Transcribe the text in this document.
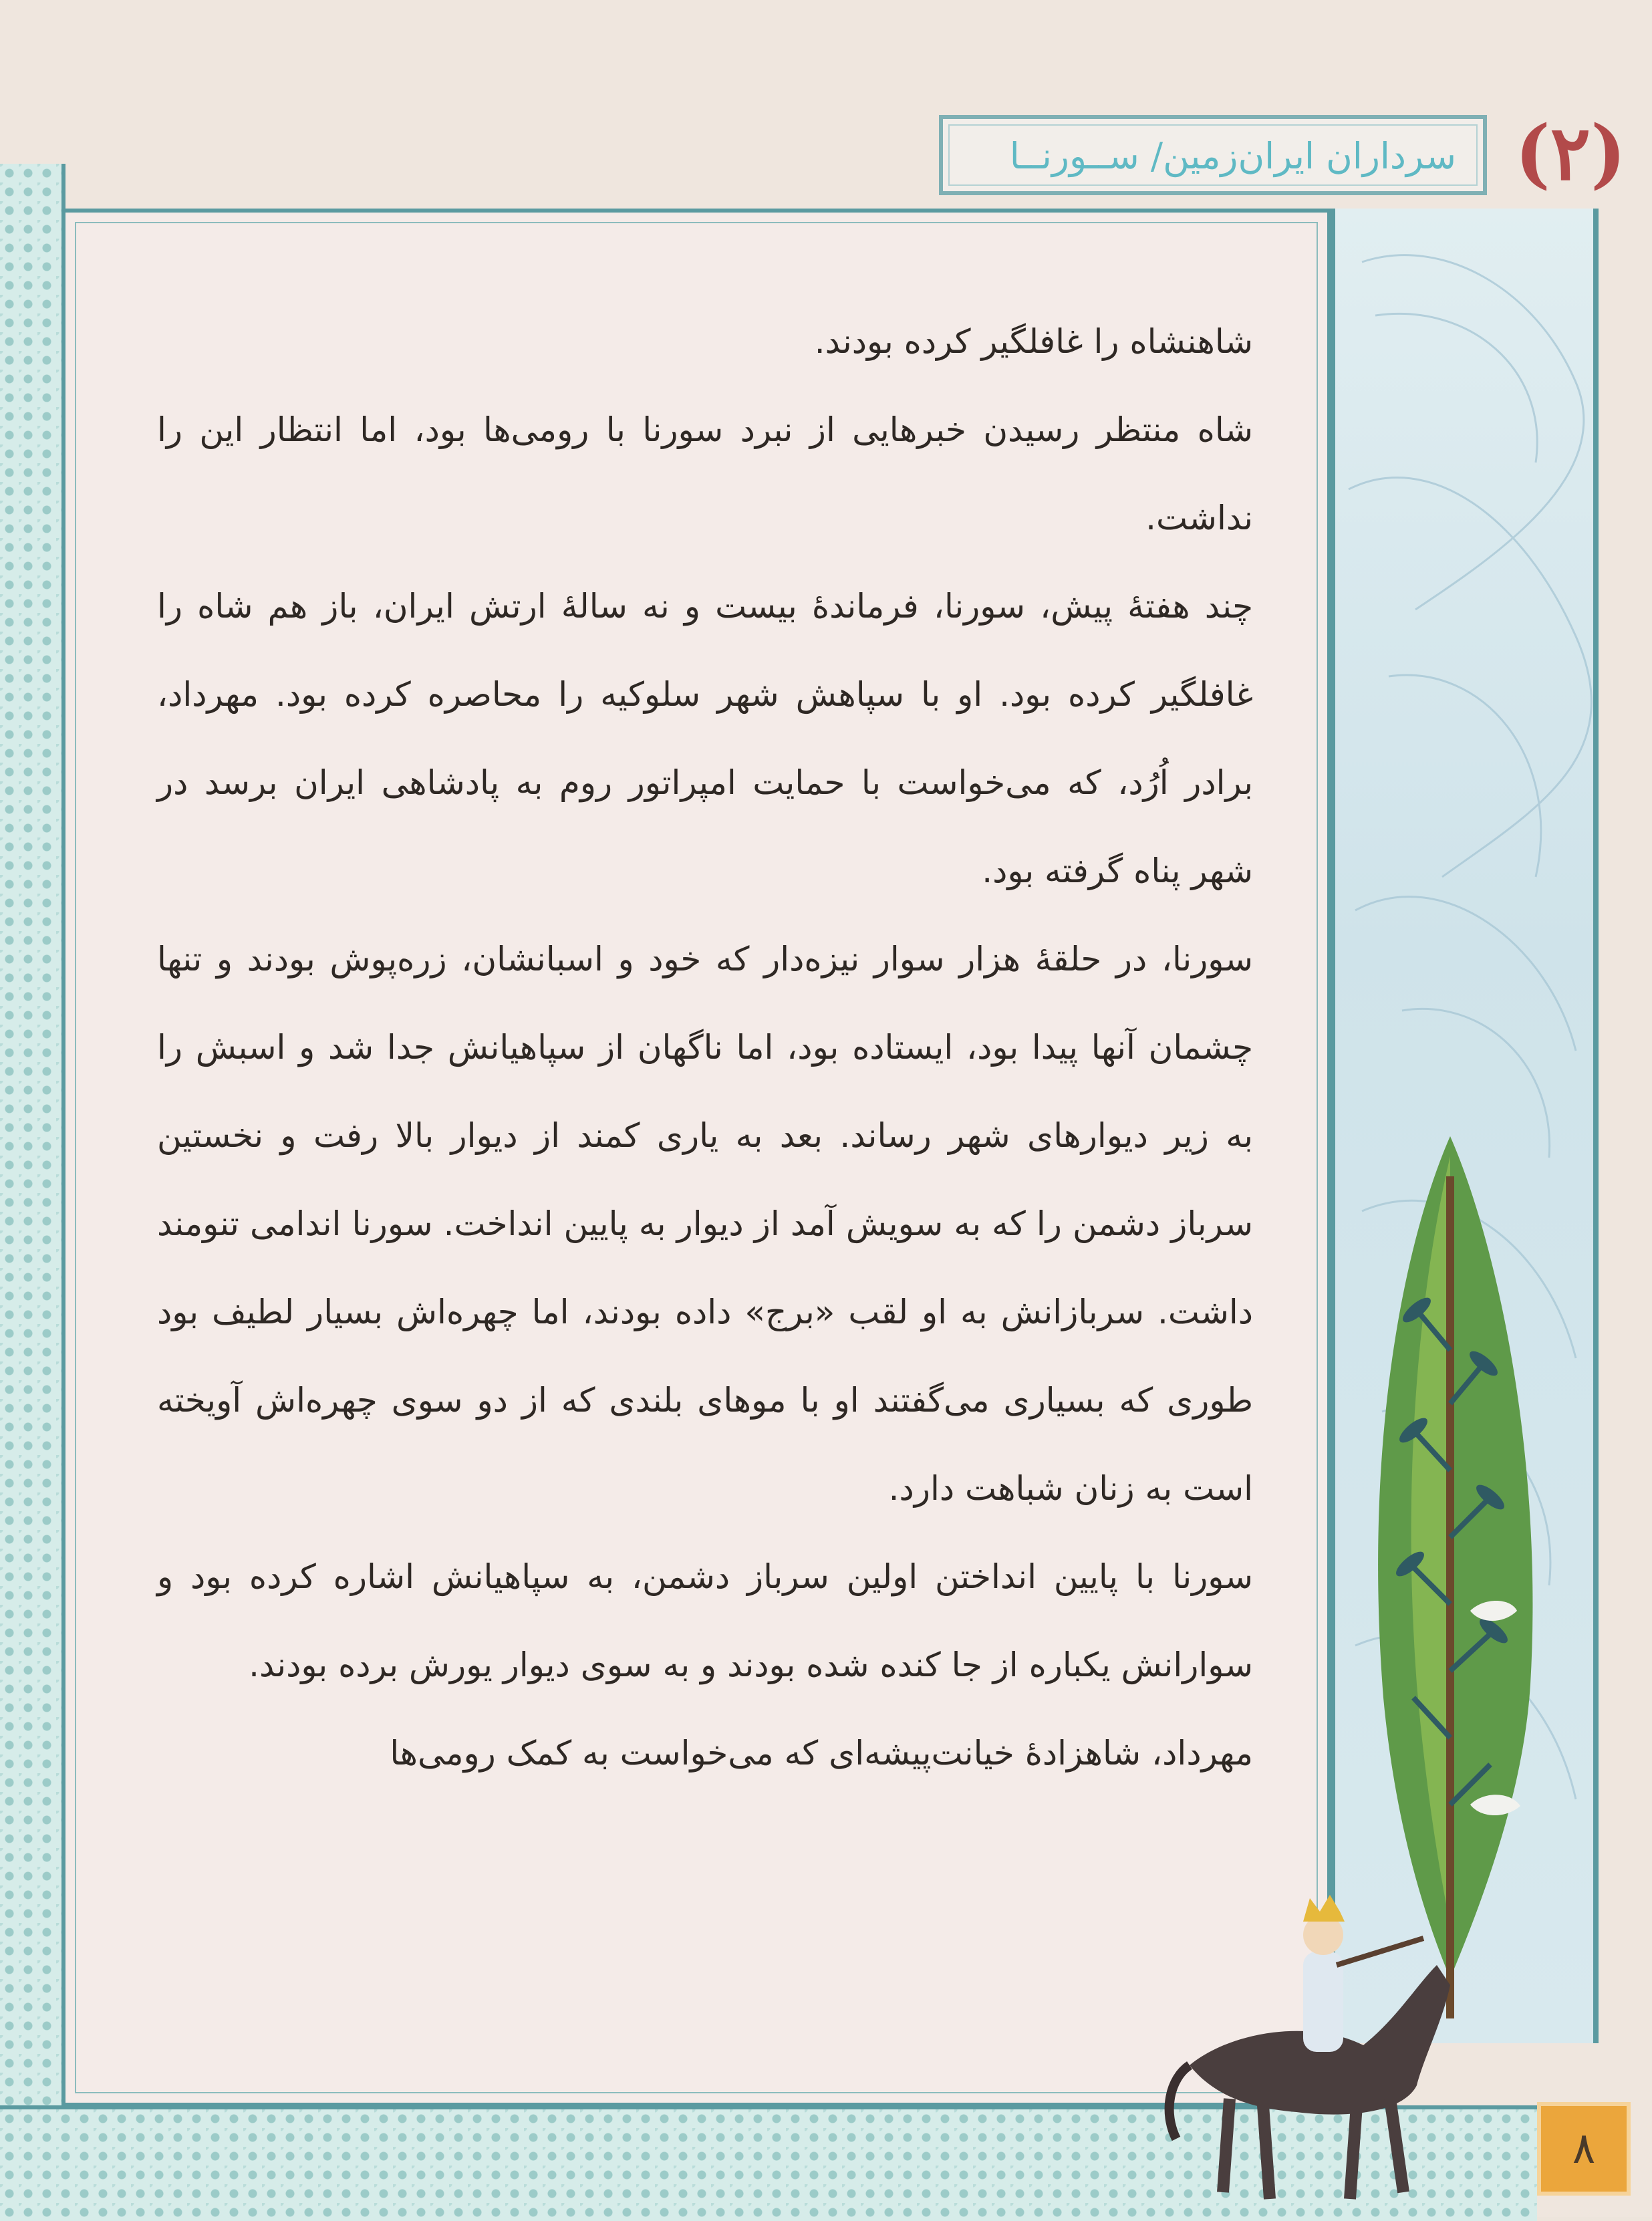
سرداران ایران‌زمین/ ســورنــا (۲)

شاهنشاه را غافلگیر کرده بودند.

شاه منتظر رسیدن خبرهایی از نبرد سورنا با رومی‌ها بود، اما انتظار این را نداشت.

چند هفتهٔ پیش، سورنا، فرماندهٔ بیست و نه سالهٔ ارتش ایران، باز هم شاه را غافلگیر کرده بود. او با سپاهش شهر سلوکیه را محاصره کرده بود. مهرداد، برادر اُرُد، که می‌خواست با حمایت امپراتور روم به پادشاهی ایران برسد در شهر پناه گرفته بود.

سورنا، در حلقهٔ هزار سوار نیزه‌دار که خود و اسبانشان، زره‌پوش بودند و تنها چشمان آنها پیدا بود، ایستاده بود، اما ناگهان از سپاهیانش جدا شد و اسبش را به زیر دیوارهای شهر رساند. بعد به یاری کمند از دیوار بالا رفت و نخستین سرباز دشمن را که به سویش آمد از دیوار به پایین انداخت. سورنا اندامی تنومند داشت. سربازانش به او لقب «برج» داده بودند، اما چهره‌اش بسیار لطیف بود طوری که بسیاری می‌گفتند او با موهای بلندی که از دو سوی چهره‌اش آویخته است به زنان شباهت دارد.

سورنا با پایین انداختن اولین سرباز دشمن، به سپاهیانش اشاره کرده بود و سوارانش یکباره از جا کنده شده بودند و به سوی دیوار یورش برده بودند.

مهرداد، شاهزادهٔ خیانت‌پیشه‌ای که می‌خواست به کمک رومی‌ها

۸
